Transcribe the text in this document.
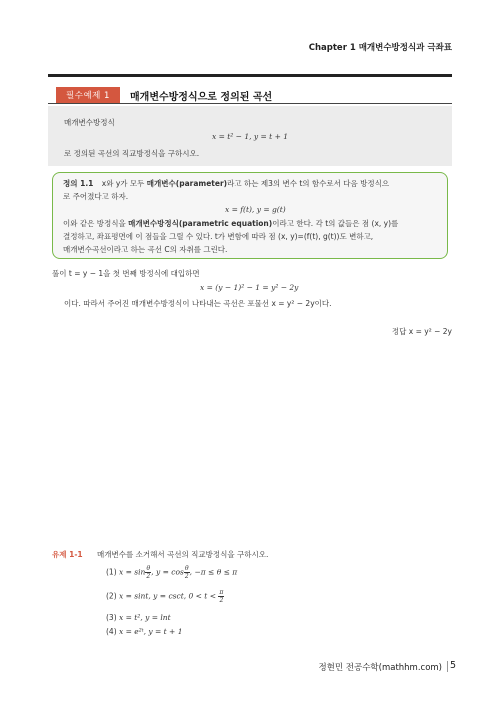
Chapter 1 매개변수방정식과 극좌표
필수예제 1	매개변수방정식으로 정의된 곡선
매개변수방정식
x = t² − 1, y = t + 1
로 정의된 곡선의 직교방정식을 구하시오.
정의 1.1 x와 y가 모두 매개변수(parameter)라고 하는 제3의 변수 t의 함수로서 다음 방정식으
로 주어졌다고 하자.
x = f(t), y = g(t)
이와 같은 방정식을 매개변수방정식(parametric equation)이라고 한다. 각 t의 값들은 점 (x, y)를
결정하고, 좌표평면에 이 점들을 그릴 수 있다. t가 변함에 따라 점 (x, y)=(f(t), g(t))도 변하고,
매개변수곡선이라고 하는 곡선 C의 자취를 그린다.
풀이 t = y − 1을 첫 번째 방정식에 대입하면
x = (y − 1)² − 1 = y² − 2y
이다. 따라서 주어진 매개변수방정식이 나타내는 곡선은 포물선 x = y² − 2y이다.
정답 x = y² − 2y
유제 1-1 매개변수를 소거해서 곡선의 직교방정식을 구하시오.
(1) $x = \sin \frac{\theta}{2}$ , $y = \cos \frac{\theta}{2}$ , −π ≤ θ ≤ π
(2) x = sint, y = csct, $0 < t < \frac{\pi}{2}$
(3) x = t², y = lnt
(4) x = e²ᵗ, y = t + 1
정현민 전공수학(mathhm.com) 5
